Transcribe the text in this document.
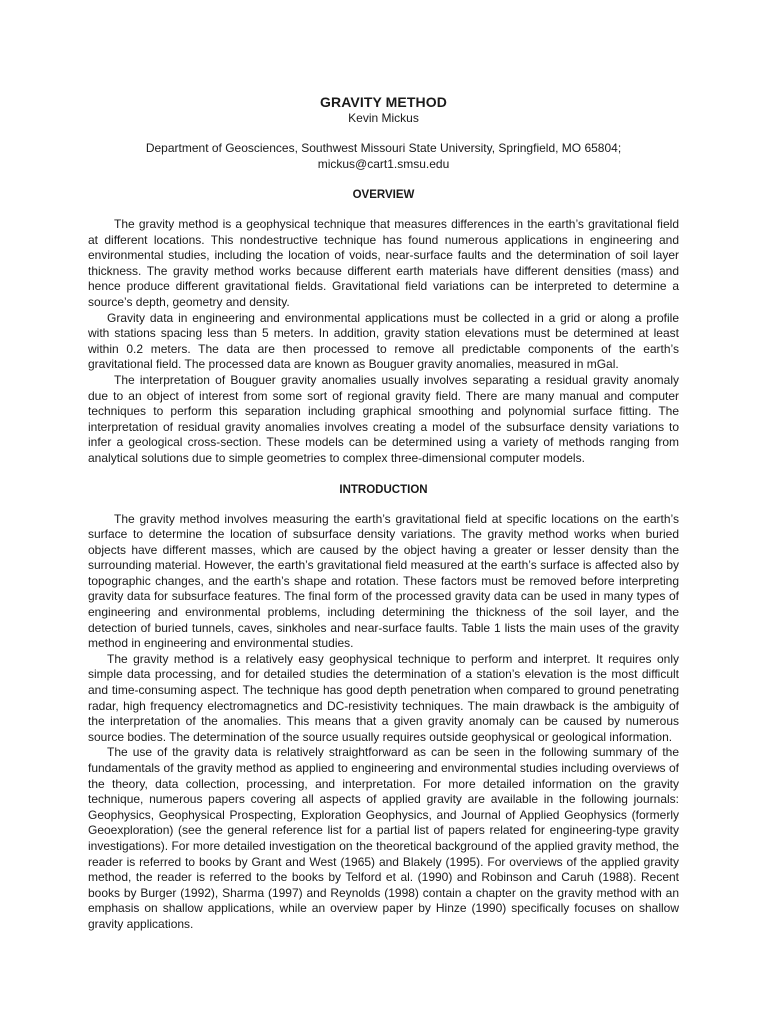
GRAVITY METHOD

Kevin Mickus

Department of Geosciences, Southwest Missouri State University, Springfield, MO 65804; mickus@cart1.smsu.edu

OVERVIEW

The gravity method is a geophysical technique that measures differences in the earth’s gravitational field at different locations. This nondestructive technique has found numerous applications in engineering and environmental studies, including the location of voids, near-surface faults and the determination of soil layer thickness. The gravity method works because different earth materials have different densities (mass) and hence produce different gravitational fields. Gravitational field variations can be interpreted to determine a source’s depth, geometry and density.

Gravity data in engineering and environmental applications must be collected in a grid or along a profile with stations spacing less than 5 meters. In addition, gravity station elevations must be determined at least within 0.2 meters. The data are then processed to remove all predictable components of the earth’s gravitational field. The processed data are known as Bouguer gravity anomalies, measured in mGal.

The interpretation of Bouguer gravity anomalies usually involves separating a residual gravity anomaly due to an object of interest from some sort of regional gravity field. There are many manual and computer techniques to perform this separation including graphical smoothing and polynomial surface fitting. The interpretation of residual gravity anomalies involves creating a model of the subsurface density variations to infer a geological cross-section. These models can be determined using a variety of methods ranging from analytical solutions due to simple geometries to complex three-dimensional computer models.

INTRODUCTION

The gravity method involves measuring the earth’s gravitational field at specific locations on the earth’s surface to determine the location of subsurface density variations. The gravity method works when buried objects have different masses, which are caused by the object having a greater or lesser density than the surrounding material. However, the earth’s gravitational field measured at the earth’s surface is affected also by topographic changes, and the earth’s shape and rotation. These factors must be removed before interpreting gravity data for subsurface features. The final form of the processed gravity data can be used in many types of engineering and environmental problems, including determining the thickness of the soil layer, and the detection of buried tunnels, caves, sinkholes and near-surface faults. Table 1 lists the main uses of the gravity method in engineering and environmental studies.

The gravity method is a relatively easy geophysical technique to perform and interpret. It requires only simple data processing, and for detailed studies the determination of a station’s elevation is the most difficult and time-consuming aspect. The technique has good depth penetration when compared to ground penetrating radar, high frequency electromagnetics and DC-resistivity techniques. The main drawback is the ambiguity of the interpretation of the anomalies. This means that a given gravity anomaly can be caused by numerous source bodies. The determination of the source usually requires outside geophysical or geological information.

The use of the gravity data is relatively straightforward as can be seen in the following summary of the fundamentals of the gravity method as applied to engineering and environmental studies including overviews of the theory, data collection, processing, and interpretation. For more detailed information on the gravity technique, numerous papers covering all aspects of applied gravity are available in the following journals: Geophysics, Geophysical Prospecting, Exploration Geophysics, and Journal of Applied Geophysics (formerly Geoexploration) (see the general reference list for a partial list of papers related for engineering-type gravity investigations). For more detailed investigation on the theoretical background of the applied gravity method, the reader is referred to books by Grant and West (1965) and Blakely (1995). For overviews of the applied gravity method, the reader is referred to the books by Telford et al. (1990) and Robinson and Caruh (1988). Recent books by Burger (1992), Sharma (1997) and Reynolds (1998) contain a chapter on the gravity method with an emphasis on shallow applications, while an overview paper by Hinze (1990) specifically focuses on shallow gravity applications.
